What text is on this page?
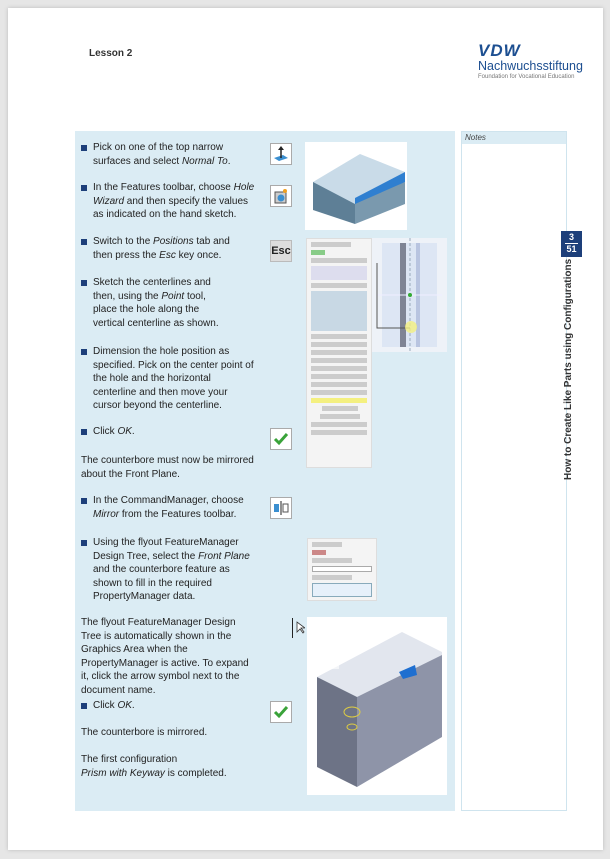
Lesson 2	VDW
Nachwuchsstiftung
Foundation for Vocational Education
Notes
Pick on one of the top narrow surfaces and select Normal To.
In the Features toolbar, choose Hole Wizard and then specify the values as indicated on the hand sketch.
Switch to the Positions tab and then press the Esc key once.
Sketch the centerlines and then, using the Point tool, place the hole along the vertical centerline as shown.
Dimension the hole position as specified. Pick on the center point of the hole and the horizontal centerline and then move your cursor beyond the centerline.
Click OK.
The counterbore must now be mirrored about the Front Plane.
In the CommandManager, choose Mirror from the Features toolbar.
Using the flyout FeatureManager Design Tree, select the Front Plane and the counterbore feature as shown to fill in the required PropertyManager data.
The flyout FeatureManager Design Tree is automatically shown in the Graphics Area when the PropertyManager is active. To expand it, click the arrow symbol next to the document name.
Click OK.
The counterbore is mirrored.
The first configuration
Prism with Keyway is completed.
Esc
3
51
How to Create Like Parts using Configurations
